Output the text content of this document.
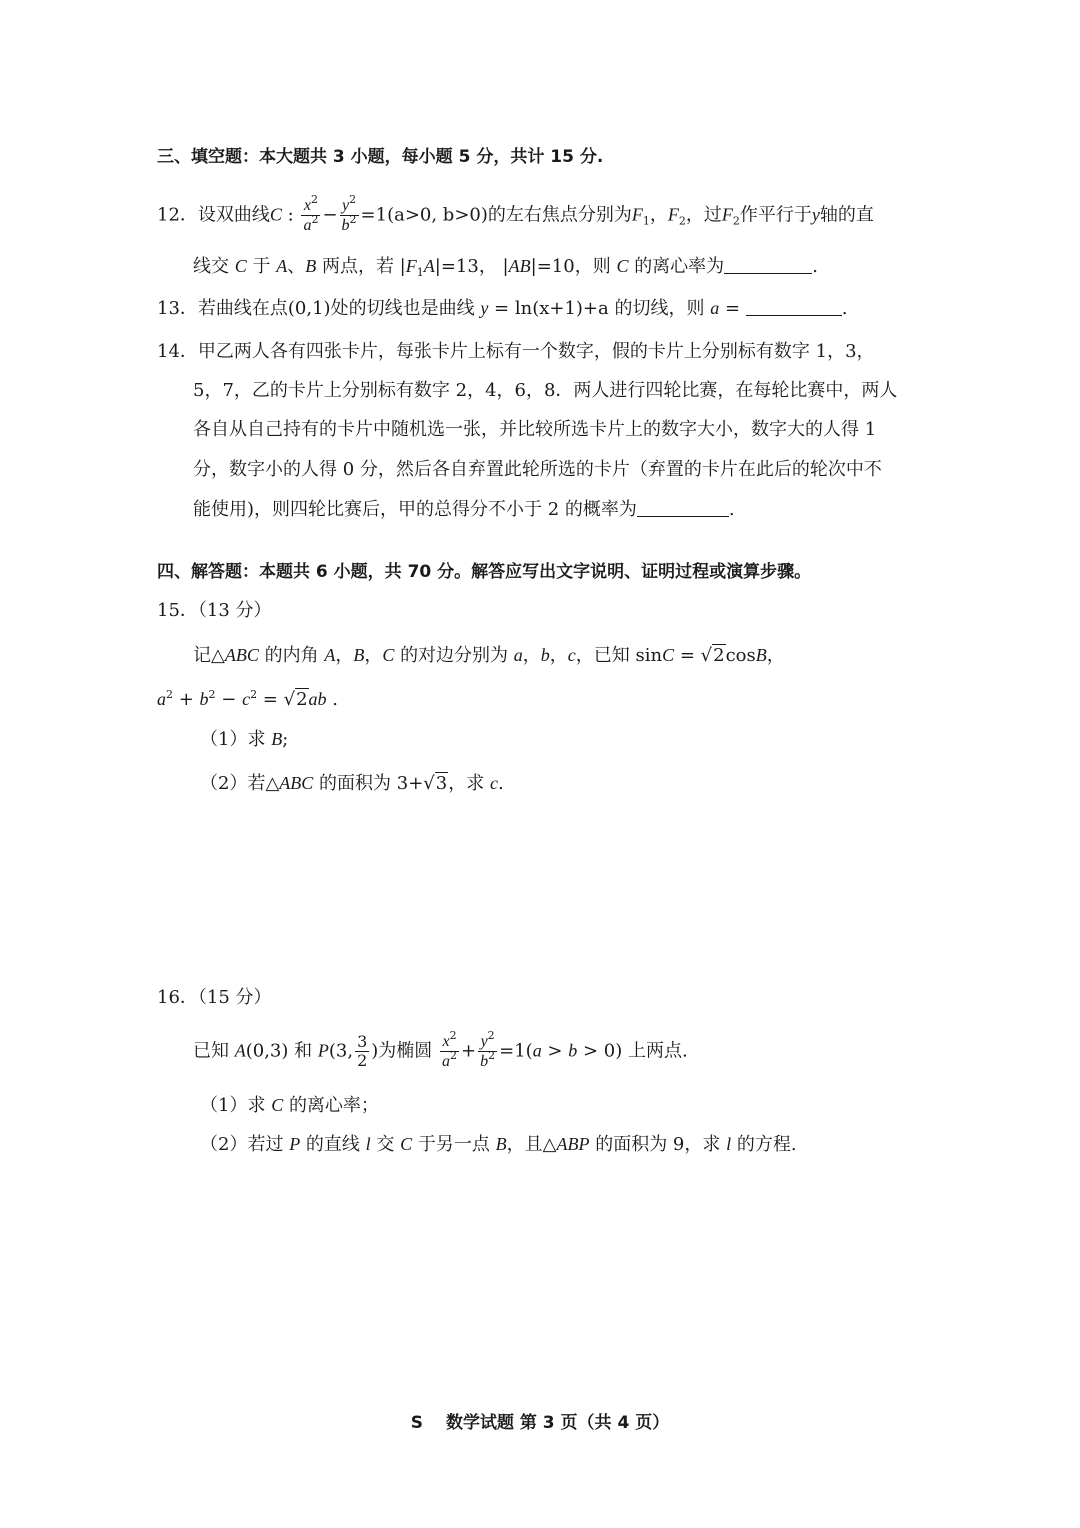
三、填空题：本大题共 3 小题，每小题 5 分，共计 15 分.
12．设双曲线C : $\frac{x^2}{a^2} - \frac{y^2}{b^2} =1(a>0$, b>0)的左右焦点分别为$F_1$，$F_2$，过$F_2$作平行于y轴的直
线交 C 于 A、B 两点，若 $|F_1A|=13$， |AB|=10，则 C 的离心率为	.
13．若曲线在点(0,1)处的切线也是曲线 y = ln(x+1)+a 的切线，则 a =	.
14．甲乙两人各有四张卡片，每张卡片上标有一个数字，假的卡片上分别标有数字 1，3，
5，7，乙的卡片上分别标有数字 2，4，6，8．两人进行四轮比赛，在每轮比赛中，两人
各自从自己持有的卡片中随机选一张，并比较所选卡片上的数字大小，数字大的人得 1
分，数字小的人得 0 分，然后各自弃置此轮所选的卡片（弃置的卡片在此后的轮次中不
能使用)，则四轮比赛后，甲的总得分不小于 2 的概率为	.
四、解答题：本题共 6 小题，共 70 分。解答应写出文字说明、证明过程或演算步骤。
15．（13 分）
记△ABC 的内角 A，B，C 的对边分别为 a，b，c，已知 sinC = √2cosB，
$a^2 + b^2 - c^2 = √2ab$ .
（1）求 B;
（2）若△ABC 的面积为 3+√3，求 c.
16．（15 分）
已知 A(0,3) 和 P(3, $\frac{3}{2}$ )为椭圆 $\frac{x^2}{a^2} + \frac{y^2}{b^2} =1(a > b > 0)$ 上两点.
（1）求 C 的离心率；
（2）若过 P 的直线 l 交 C 于另一点 B，且△ABP 的面积为 9，求 l 的方程.
S　 数学试题 第 3 页（共 4 页）
